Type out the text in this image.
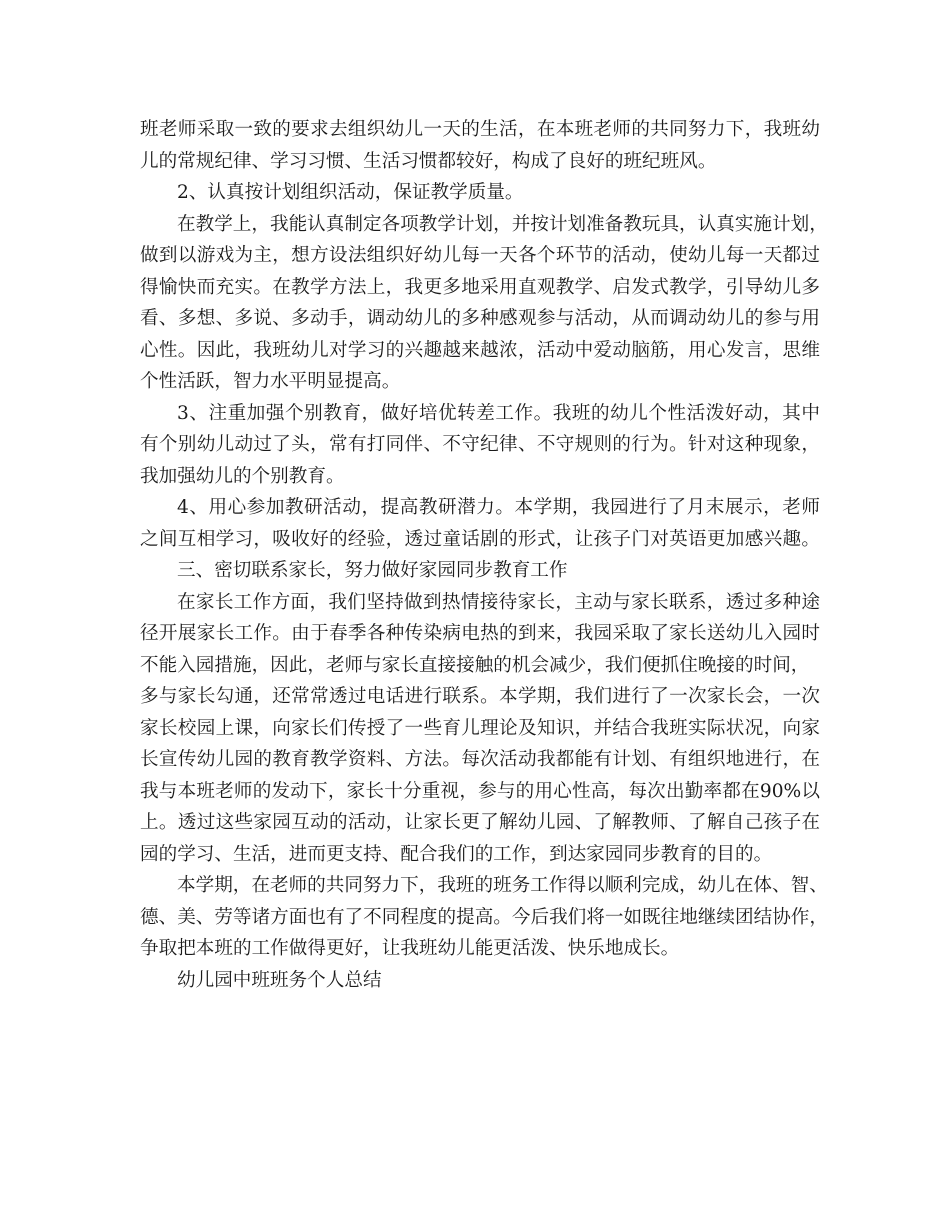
班老师采取一致的要求去组织幼儿一天的生活，在本班老师的共同努力下，我班幼
儿的常规纪律、学习习惯、生活习惯都较好，构成了良好的班纪班风。
2、认真按计划组织活动，保证教学质量。
在教学上，我能认真制定各项教学计划，并按计划准备教玩具，认真实施计划，
做到以游戏为主，想方设法组织好幼儿每一天各个环节的活动，使幼儿每一天都过
得愉快而充实。在教学方法上，我更多地采用直观教学、启发式教学，引导幼儿多
看、多想、多说、多动手，调动幼儿的多种感观参与活动，从而调动幼儿的参与用
心性。因此，我班幼儿对学习的兴趣越来越浓，活动中爱动脑筋，用心发言，思维
个性活跃，智力水平明显提高。
3、注重加强个别教育，做好培优转差工作。我班的幼儿个性活泼好动，其中
有个别幼儿动过了头，常有打同伴、不守纪律、不守规则的行为。针对这种现象，
我加强幼儿的个别教育。
4、用心参加教研活动，提高教研潜力。本学期，我园进行了月末展示，老师
之间互相学习，吸收好的经验，透过童话剧的形式，让孩子门对英语更加感兴趣。
三、密切联系家长，努力做好家园同步教育工作
在家长工作方面，我们坚持做到热情接待家长，主动与家长联系，透过多种途
径开展家长工作。由于春季各种传染病电热的到来，我园采取了家长送幼儿入园时
不能入园措施，因此，老师与家长直接接触的机会减少，我们便抓住晚接的时间，
多与家长勾通，还常常透过电话进行联系。本学期，我们进行了一次家长会，一次
家长校园上课，向家长们传授了一些育儿理论及知识，并结合我班实际状况，向家
长宣传幼儿园的教育教学资料、方法。每次活动我都能有计划、有组织地进行，在
我与本班老师的发动下，家长十分重视，参与的用心性高，每次出勤率都在90%以
上。透过这些家园互动的活动，让家长更了解幼儿园、了解教师、了解自己孩子在
园的学习、生活，进而更支持、配合我们的工作，到达家园同步教育的目的。
本学期，在老师的共同努力下，我班的班务工作得以顺利完成，幼儿在体、智、
德、美、劳等诸方面也有了不同程度的提高。今后我们将一如既往地继续团结协作，
争取把本班的工作做得更好，让我班幼儿能更活泼、快乐地成长。
幼儿园中班班务个人总结
